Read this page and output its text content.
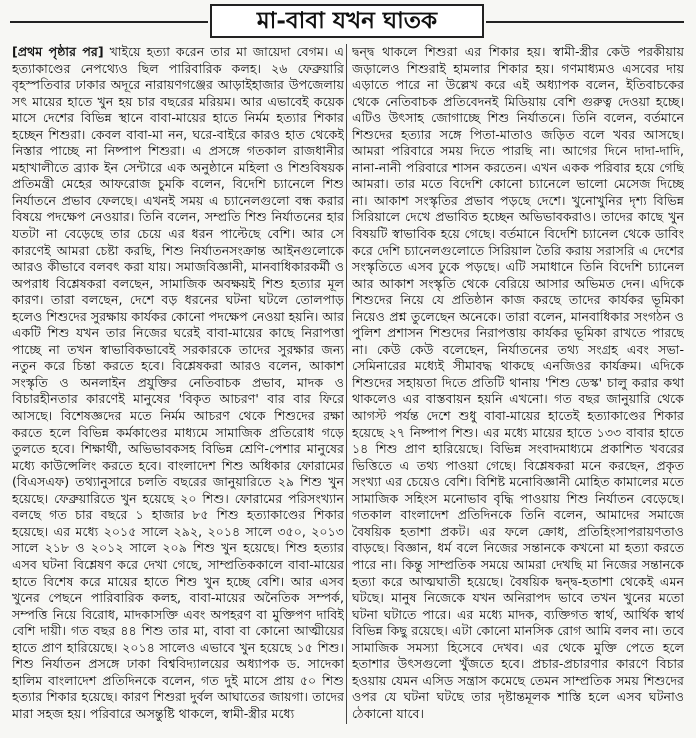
মা-বাবা যখন ঘাতক

[প্রথম পৃষ্ঠার পর] খাইয়ে হত্যা করেন তার মা জায়েদা বেগম। এ হত্যাকাণ্ডের নেপথ্যেও ছিল পারিবারিক কলহ। ২৬ ফেব্রুয়ারি বৃহস্পতিবার ঢাকার অদূরে নারায়ণগঞ্জের আড়াইহাজার উপজেলায় সৎ মায়ের হাতে খুন হয় চার বছরের মরিয়ম। আর এভাবেই কয়েক মাসে দেশের বিভিন্ন স্থানে বাবা-মায়ের হাতে নির্মম হত্যার শিকার হচ্ছেন শিশুরা। কেবল বাবা-মা নন, ঘরে-বাইরে কারও হাত থেকেই নিস্তার পাচ্ছে না নিষ্পাপ শিশুরা। এ প্রসঙ্গে গতকাল রাজধানীর মহাখালীতে ব্র্যাক ইন সেন্টারে এক অনুষ্ঠানে মহিলা ও শিশুবিষয়ক প্রতিমন্ত্রী মেহের আফরোজ চুমকি বলেন, বিদেশি চ্যানেলে শিশু নির্যাতনে প্রভাব ফেলছে। এখনই সময় এ চ্যানেলগুলো বন্ধ করার বিষয়ে পদক্ষেপ নেওয়ার। তিনি বলেন, সম্প্রতি শিশু নির্যাতনের হার যতটা না বেড়েছে তার চেয়ে এর ধরন পাল্টেছে বেশি। আর সে কারণেই আমরা চেষ্টা করছি, শিশু নির্যাতনসংক্রান্ত আইনগুলোকে আরও কীভাবে বলবৎ করা যায়। সমাজবিজ্ঞানী, মানবাধিকারকর্মী ও অপরাধ বিশ্লেষকরা বলছেন, সামাজিক অবক্ষয়ই শিশু হত্যার মূল কারণ। তারা বলছেন, দেশে বড় ধরনের ঘটনা ঘটলে তোলপাড় হলেও শিশুদের সুরক্ষায় কার্যকর কোনো পদক্ষেপ নেওয়া হয়নি। আর একটি শিশু যখন তার নিজের ঘরেই বাবা-মায়ের কাছে নিরাপত্তা পাচ্ছে না তখন স্বাভাবিকভাবেই সরকারকে তাদের সুরক্ষার জন্য নতুন করে চিন্তা করতে হবে। বিশ্লেষকরা আরও বলেন, আকাশ সংস্কৃতি ও অনলাইন প্রযুক্তির নেতিবাচক প্রভাব, মাদক ও বিচারহীনতার কারণেই মানুষের 'বিকৃত আচরণ' বার বার ফিরে আসছে। বিশেষজ্ঞদের মতে নির্মম আচরণ থেকে শিশুদের রক্ষা করতে হলে বিভিন্ন কর্মকাণ্ডের মাধ্যমে সামাজিক প্রতিরোধ গড়ে তুলতে হবে। শিক্ষার্থী, অভিভাবকসহ বিভিন্ন শ্রেণি-পেশার মানুষের মধ্যে কাউন্সেলিং করতে হবে। বাংলাদেশ শিশু অধিকার ফোরামের (বিএসএফ) তথ্যানুসারে চলতি বছরের জানুয়ারিতে ২৯ শিশু খুন হয়েছে। ফেব্রুয়ারিতে খুন হয়েছে ২০ শিশু। ফোরামের পরিসংখ্যান বলছে গত চার বছরে ১ হাজার ৮৫ শিশু হত্যাকাণ্ডের শিকার হয়েছে। এর মধ্যে ২০১৫ সালে ২৯২, ২০১৪ সালে ৩৫০, ২০১৩ সালে ২১৮ ও ২০১২ সালে ২০৯ শিশু খুন হয়েছে। শিশু হত্যার এসব ঘটনা বিশ্লেষণ করে দেখা গেছে, সাম্প্রতিককালে বাবা-মায়ের হাতে বিশেষ করে মায়ের হাতে শিশু খুন হচ্ছে বেশি। আর এসব খুনের পেছনে পারিবারিক কলহ, বাবা-মায়ের অনৈতিক সম্পর্ক, সম্পত্তি নিয়ে বিরোধ, মাদকাসক্তি এবং অপহরণ বা মুক্তিপণ দাবিই বেশি দায়ী। গত বছর ৪৪ শিশু তার মা, বাবা বা কোনো আত্মীয়ের হাতে প্রাণ হারিয়েছে। ২০১৪ সালেও এভাবে খুন হয়েছে ১৫ শিশু। শিশু নির্যাতন প্রসঙ্গে ঢাকা বিশ্ববিদ্যালয়ের অধ্যাপক ড. সাদেকা হালিম বাংলাদেশ প্রতিদিনকে বলেন, গত দুই মাসে প্রায় ৫০ শিশু হত্যার শিকার হয়েছে। কারণ শিশুরা দুর্বল আঘাতের জায়গা। তাদের মারা সহজ হয়। পরিবারে অসন্তুষ্টি থাকলে, স্বামী-স্ত্রীর মধ্যে

দ্বন্দ্ব থাকলে শিশুরা এর শিকার হয়। স্বামী-স্ত্রীর কেউ পরকীয়ায় জড়ালেও শিশুরাই হামলার শিকার হয়। গণমাধ্যমও এসবের দায় এড়াতে পারে না উল্লেখ করে এই অধ্যাপক বলেন, ইতিবাচকের থেকে নেতিবাচক প্রতিবেদনই মিডিয়ায় বেশি গুরুত্ব দেওয়া হচ্ছে। এটিও উৎসাহ জোগাচ্ছে শিশু নির্যাতনে। তিনি বলেন, বর্তমানে শিশুদের হত্যার সঙ্গে পিতা-মাতাও জড়িত বলে খবর আসছে। আমরা পরিবারে সময় দিতে পারছি না। আগের দিনে দাদা-দাদি, নানা-নানী পরিবারে শাসন করতেন। এখন একক পরিবার হয়ে গেছি আমরা। তার মতে বিদেশি কোনো চ্যানেলে ভালো মেসেজ দিচ্ছে না। আকাশ সংস্কৃতির প্রভাব পড়ছে দেশে। খুনোখুনির দৃশ্য বিভিন্ন সিরিয়ালে দেখে প্রভাবিত হচ্ছেন অভিভাবকরাও। তাদের কাছে খুন বিষয়টি স্বাভাবিক হয়ে গেছে। বর্তমানে বিদেশি চ্যানেল থেকে ডাবিং করে দেশি চ্যানেলগুলোতে সিরিয়াল তৈরি করায় সরাসরি এ দেশের সংস্কৃতিতে এসব ঢুকে পড়ছে। এটি সমাধানে তিনি বিদেশি চ্যানেল আর আকাশ সংস্কৃতি থেকে বেরিয়ে আসার অভিমত দেন। এদিকে শিশুদের নিয়ে যে প্রতিষ্ঠান কাজ করছে তাদের কার্যকর ভূমিকা নিয়েও প্রশ্ন তুলেছেন অনেকে। তারা বলেন, মানবাধিকার সংগঠন ও পুলিশ প্রশাসন শিশুদের নিরাপত্তায় কার্যকর ভূমিকা রাখতে পারছে না। কেউ কেউ বলেছেন, নির্যাতনের তথ্য সংগ্রহ এবং সভা-সেমিনারের মধ্যেই সীমাবদ্ধ থাকছে এনজিওর কার্যক্রম। এদিকে শিশুদের সহায়তা দিতে প্রতিটি থানায় 'শিশু ডেস্ক' চালু করার কথা থাকলেও এর বাস্তবায়ন হয়নি এখনো। গত বছর জানুয়ারি থেকে আগস্ট পর্যন্ত দেশে শুধু বাবা-মায়ের হাতেই হত্যাকাণ্ডের শিকার হয়েছে ২৭ নিষ্পাপ শিশু। এর মধ্যে মায়ের হাতে ১৩৩ বাবার হাতে ১৪ শিশু প্রাণ হারিয়েছে। বিভিন্ন সংবাদমাধ্যমে প্রকাশিত খবরের ভিত্তিতে এ তথ্য পাওয়া গেছে। বিশ্লেষকরা মনে করছেন, প্রকৃত সংখ্যা এর চেয়েও বেশি। বিশিষ্ট মনোবিজ্ঞানী মোহিত কামালের মতে সামাজিক সহিংস মনোভাব বৃদ্ধি পাওয়ায় শিশু নির্যাতন বেড়েছে। গতকাল বাংলাদেশ প্রতিদিনকে তিনি বলেন, আমাদের সমাজে বৈষয়িক হতাশা প্রকট। এর ফলে ক্রোধ, প্রতিহিংসাপরায়ণতাও বাড়ছে। বিজ্ঞান, ধর্ম বলে নিজের সন্তানকে কখনো মা হত্যা করতে পারে না। কিন্তু সাম্প্রতিক সময়ে আমরা দেখছি মা নিজের সন্তানকে হত্যা করে আত্মঘাতী হয়েছে। বৈষয়িক দ্বন্দ্ব-হতাশা থেকেই এমন ঘটছে। মানুষ নিজেকে যখন অনিরাপদ ভাবে তখন খুনের মতো ঘটনা ঘটাতে পারে। এর মধ্যে মাদক, ব্যক্তিগত স্বার্থ, আর্থিক স্বার্থ বিভিন্ন কিছু রয়েছে। এটা কোনো মানসিক রোগ আমি বলব না। তবে সামাজিক সমস্যা হিসেবে দেখব। এর থেকে মুক্তি পেতে হলে হতাশার উৎসগুলো খুঁজতে হবে। প্রচার-প্রচারণার কারণে বিচার হওয়ায় যেমন এসিড সন্ত্রাস কমেছে তেমন সাম্প্রতিক সময় শিশুদের ওপর যে ঘটনা ঘটছে তার দৃষ্টান্তমূলক শাস্তি হলে এসব ঘটনাও ঠেকানো যাবে।
